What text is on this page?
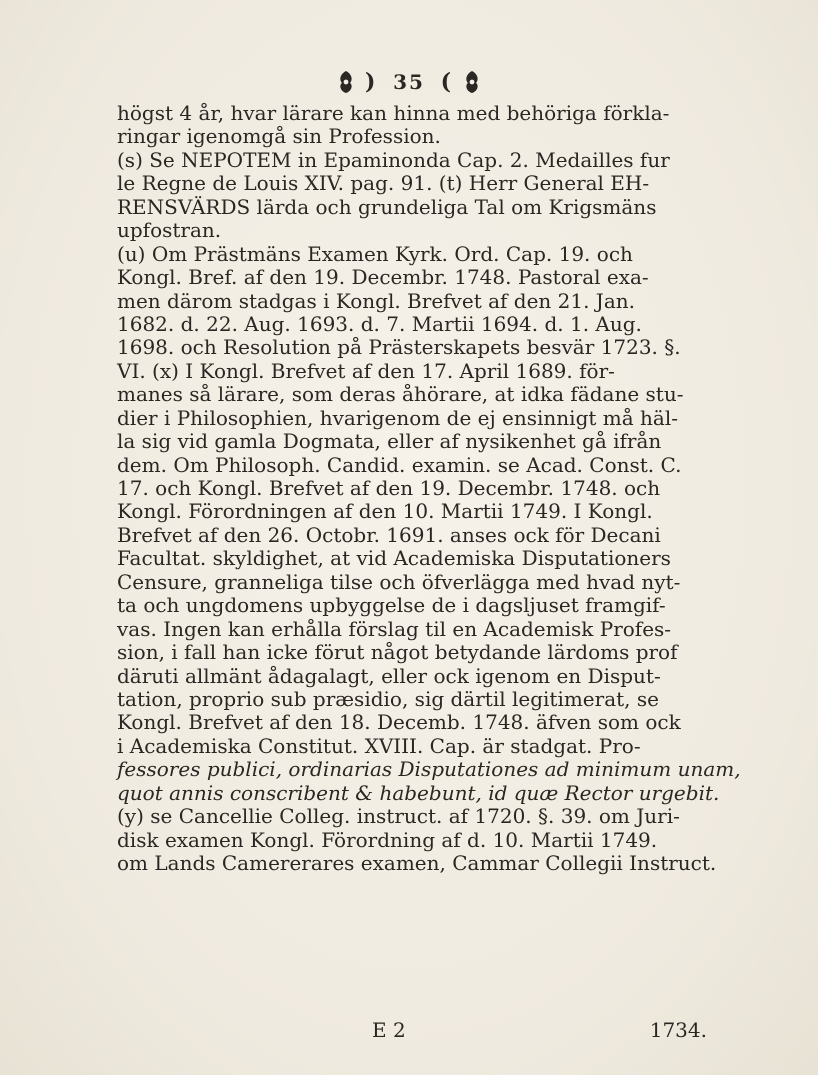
) 35 (
högst 4 år, hvar lärare kan hinna med behöriga förkla-
ringar igenomgå sin Profession.
(s) Se NEPOTEM in Epaminonda Cap. 2. Medailles fur
le Regne de Louis XIV. pag. 91. (t) Herr General EH-
RENSVÄRDS lärda och grundeliga Tal om Krigsmäns
upfostran.
(u) Om Prästmäns Examen Kyrk. Ord. Cap. 19. och
Kongl. Bref. af den 19. Decembr. 1748. Pastoral exa-
men därom stadgas i Kongl. Brefvet af den 21. Jan.
1682. d. 22. Aug. 1693. d. 7. Martii 1694. d. 1. Aug.
1698. och Resolution på Prästerskapets besvär 1723. §.
VI. (x) I Kongl. Brefvet af den 17. April 1689. för-
manes så lärare, som deras åhörare, at idka fädane stu-
dier i Philosophien, hvarigenom de ej ensinnigt må häl-
la sig vid gamla Dogmata, eller af nysikenhet gå ifrån
dem. Om Philosoph. Candid. examin. se Acad. Const. C.
17. och Kongl. Brefvet af den 19. Decembr. 1748. och
Kongl. Förordningen af den 10. Martii 1749. I Kongl.
Brefvet af den 26. Octobr. 1691. anses ock för Decani
Facultat. skyldighet, at vid Academiska Disputationers
Censure, granneliga tilse och öfverlägga med hvad nyt-
ta och ungdomens upbyggelse de i dagsljuset framgif-
vas. Ingen kan erhålla förslag til en Academisk Profes-
sion, i fall han icke förut något betydande lärdoms prof
däruti allmänt ådagalagt, eller ock igenom en Disput-
tation, proprio sub præsidio, sig därtil legitimerat, se
Kongl. Brefvet af den 18. Decemb. 1748. äfven som ock
i Academiska Constitut. XVIII. Cap. är stadgat. Pro-
fessores publici, ordinarias Disputationes ad minimum unam,
quot annis conscribent & habebunt, id quæ Rector urgebit.
(y) se Cancellie Colleg. instruct. af 1720. §. 39. om Juri-
disk examen Kongl. Förordning af d. 10. Martii 1749.
om Lands Camererares examen, Cammar Collegii Instruct.
E 2	1734.
